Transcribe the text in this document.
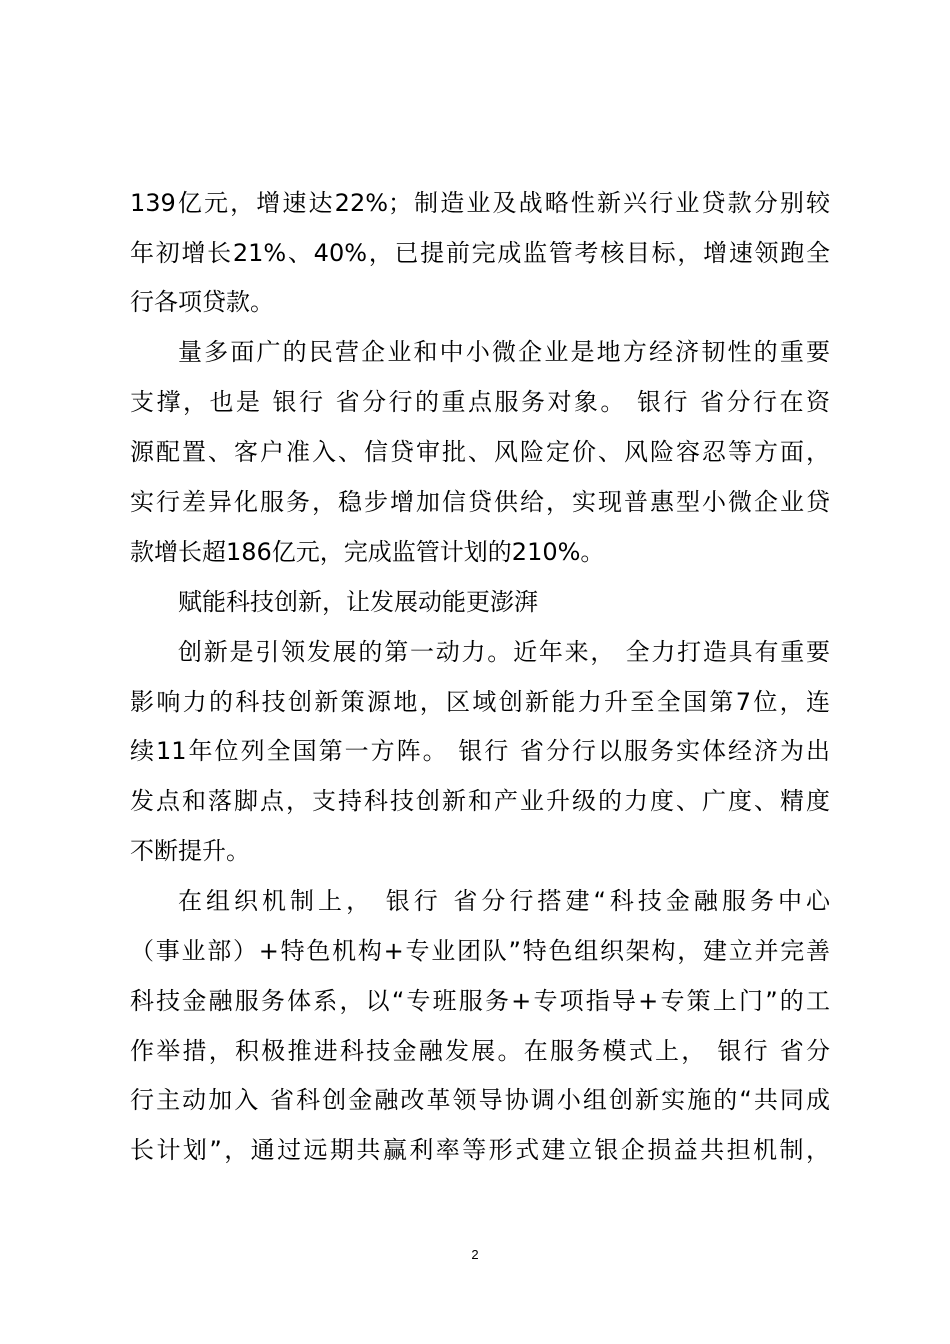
139亿元，增速达22%；制造业及战略性新兴行业贷款分别较
年初增长21%、40%，已提前完成监管考核目标，增速领跑全
行各项贷款。
量多面广的民营企业和中小微企业是地方经济韧性的重要
支撑，也是 银行 省分行的重点服务对象。 银行 省分行在资
源配置、客户准入、信贷审批、风险定价、风险容忍等方面，
实行差异化服务，稳步增加信贷供给，实现普惠型小微企业贷
款增长超186亿元，完成监管计划的210%。
赋能科技创新，让发展动能更澎湃
创新是引领发展的第一动力。近年来， 全力打造具有重要
影响力的科技创新策源地，区域创新能力升至全国第7位，连
续11年位列全国第一方阵。 银行 省分行以服务实体经济为出
发点和落脚点，支持科技创新和产业升级的力度、广度、精度
不断提升。
在组织机制上， 银行 省分行搭建“科技金融服务中心
（事业部）+特色机构+专业团队”特色组织架构，建立并完善
科技金融服务体系，以“专班服务+专项指导+专策上门”的工
作举措，积极推进科技金融发展。在服务模式上， 银行 省分
行主动加入 省科创金融改革领导协调小组创新实施的“共同成
长计划”，通过远期共赢利率等形式建立银企损益共担机制，
2
